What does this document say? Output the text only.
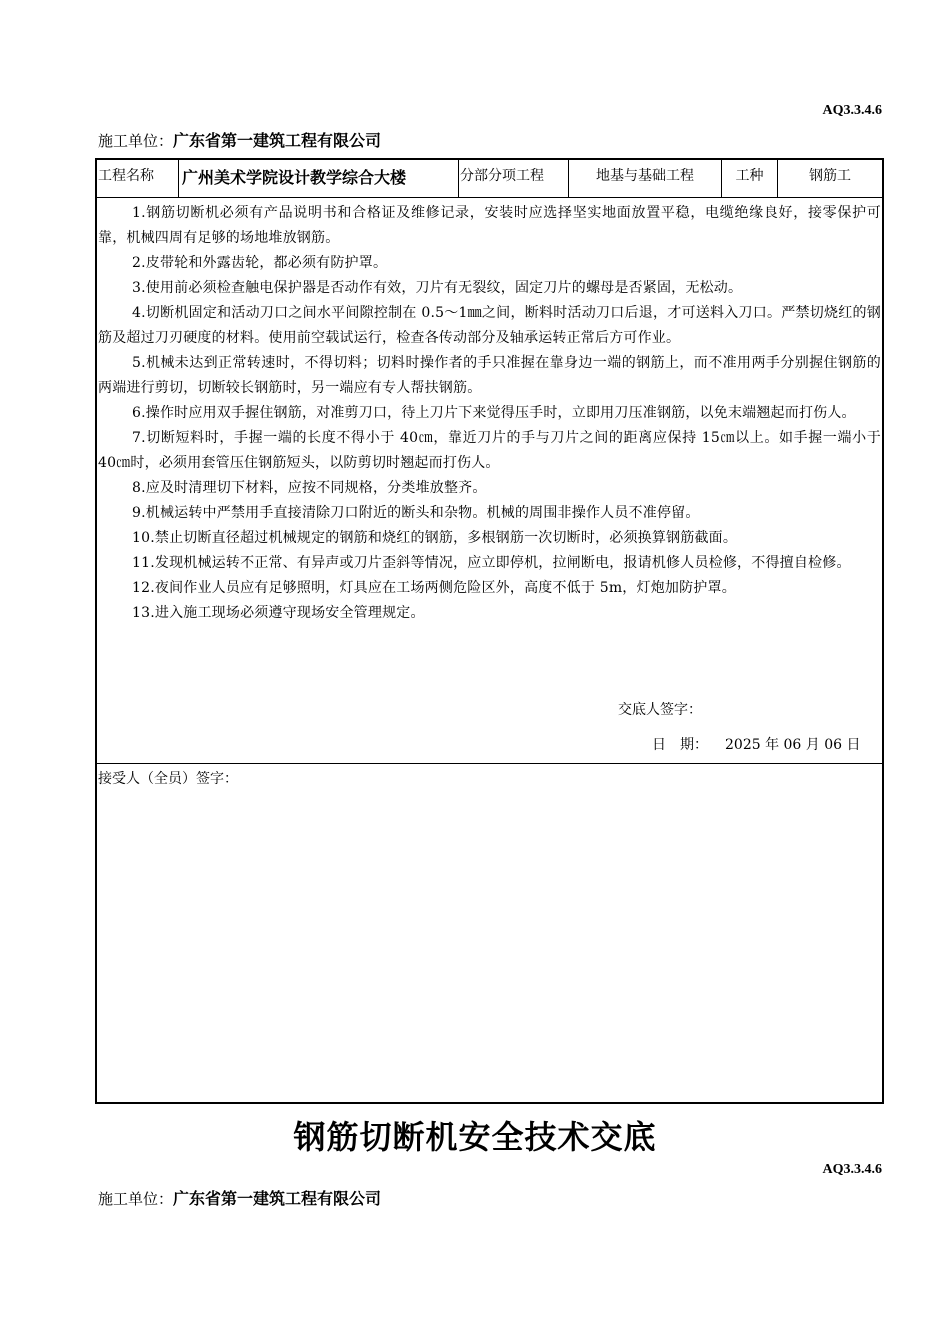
AQ3.3.4.6
施工单位：广东省第一建筑工程有限公司
工程名称	广州美术学院设计教学综合大楼	分部分项工程	地基与基础工程	工种	钢筋工

1.钢筋切断机必须有产品说明书和合格证及维修记录，安装时应选择坚实地面放置平稳，电缆绝缘良好，接零保护可靠，机械四周有足够的场地堆放钢筋。

2.皮带轮和外露齿轮，都必须有防护罩。

3.使用前必须检查触电保护器是否动作有效，刀片有无裂纹，固定刀片的螺母是否紧固，无松动。

4.切断机固定和活动刀口之间水平间隙控制在 0.5～1㎜之间，断料时活动刀口后退，才可送料入刀口。严禁切烧红的钢筋及超过刀刃硬度的材料。使用前空载试运行，检查各传动部分及轴承运转正常后方可作业。

5.机械未达到正常转速时，不得切料；切料时操作者的手只准握在靠身边一端的钢筋上，而不准用两手分别握住钢筋的两端进行剪切，切断较长钢筋时，另一端应有专人帮扶钢筋。

6.操作时应用双手握住钢筋，对准剪刀口，待上刀片下来觉得压手时，立即用刀压准钢筋，以免末端翘起而打伤人。

7.切断短料时，手握一端的长度不得小于 40㎝，靠近刀片的手与刀片之间的距离应保持 15㎝以上。如手握一端小于 40㎝时，必须用套管压住钢筋短头，以防剪切时翘起而打伤人。

8.应及时清理切下材料，应按不同规格，分类堆放整齐。

9.机械运转中严禁用手直接清除刀口附近的断头和杂物。机械的周围非操作人员不准停留。

10.禁止切断直径超过机械规定的钢筋和烧红的钢筋，多根钢筋一次切断时，必须换算钢筋截面。

11.发现机械运转不正常、有异声或刀片歪斜等情况，应立即停机，拉闸断电，报请机修人员检修，不得擅自检修。

12.夜间作业人员应有足够照明，灯具应在工场两侧危险区外，高度不低于 5m，灯炮加防护罩。

13.进入施工现场必须遵守现场安全管理规定。

交底人签字：
日　期： 2025 年 06 月 06 日
接受人（全员）签字：
钢筋切断机安全技术交底
AQ3.3.4.6
施工单位：广东省第一建筑工程有限公司
